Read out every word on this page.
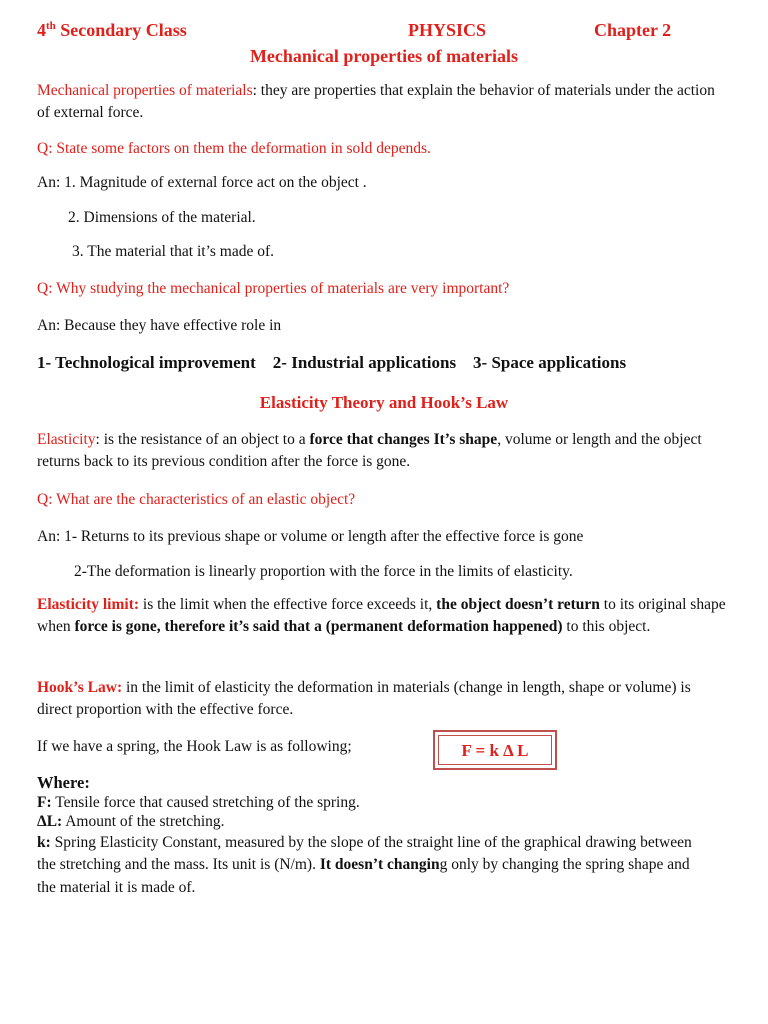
4th Secondary Class	PHYSICS	Chapter 2
Mechanical properties of materials
Mechanical properties of materials: they are properties that explain the behavior of materials under the action of external force.
Q: State some factors on them the deformation in sold depends.
An: 1. Magnitude of external force act on the object .
2. Dimensions of the material.
3. The material that it’s made of.
Q: Why studying the mechanical properties of materials are very important?
An: Because they have effective role in
1- Technological improvement    2- Industrial applications    3- Space applications
Elasticity Theory and Hook’s Law
Elasticity: is the resistance of an object to a force that changes It’s shape, volume or length and the object returns back to its previous condition after the force is gone.
Q: What are the characteristics of an elastic object?
An: 1- Returns to its previous shape or volume or length after the effective force is gone
2-The deformation is linearly proportion with the force in the limits of elasticity.
Elasticity limit: is the limit when the effective force exceeds it, the object doesn’t return to its original shape when force is gone, therefore it’s said that a (permanent deformation happened) to this object.
Hook’s Law: in the limit of elasticity the deformation in materials (change in length, shape or volume) is direct proportion with the effective force.
If we have a spring, the Hook Law is as following;	F = k Δ L
Where:
F: Tensile force that caused stretching of the spring.
ΔL: Amount of the stretching.
k: Spring Elasticity Constant, measured by the slope of the straight line of the graphical drawing between the stretching and the mass. Its unit is (N/m). It doesn’t changing only by changing the spring shape and the material it is made of.
